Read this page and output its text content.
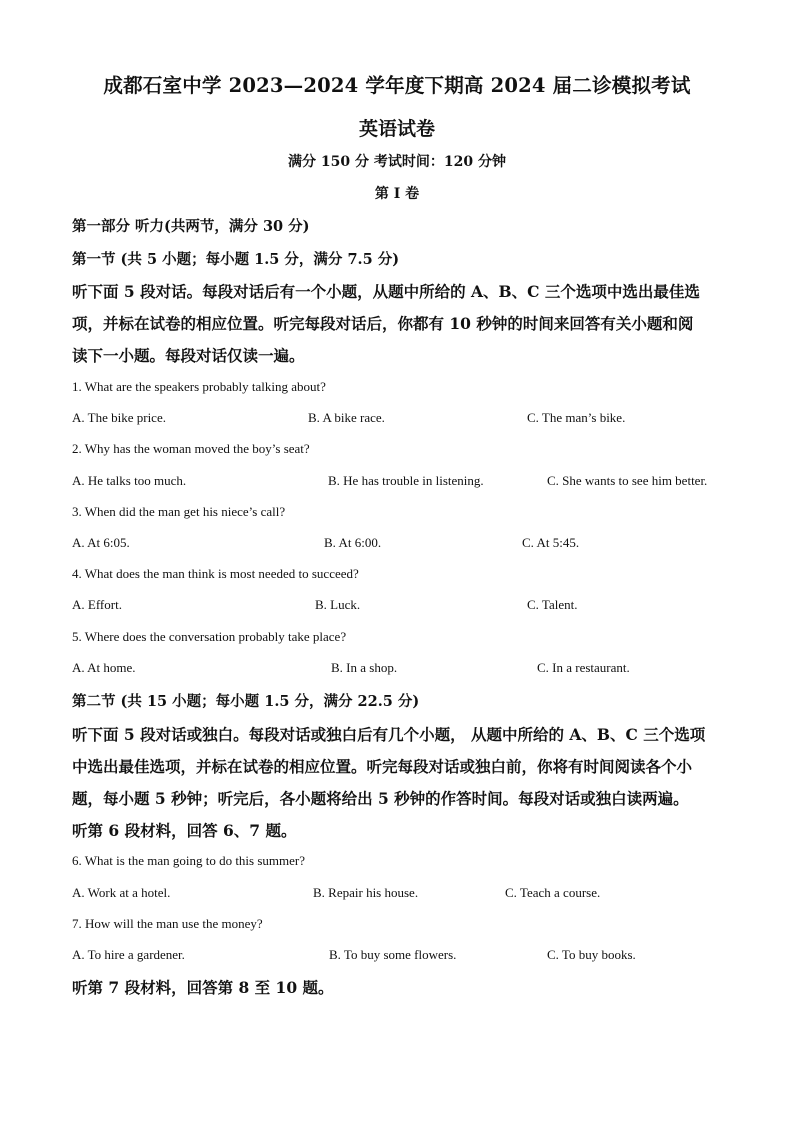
成都石室中学 2023—2024 学年度下期高 2024 届二诊模拟考试
英语试卷
满分 150 分 考试时间：120 分钟
第 I 卷
第一部分 听力(共两节，满分 30 分)
第一节 (共 5 小题；每小题 1.5 分，满分 7.5 分)
听下面 5 段对话。每段对话后有一个小题，从题中所给的 A、B、C 三个选项中选出最佳选
项，并标在试卷的相应位置。听完每段对话后，你都有 10 秒钟的时间来回答有关小题和阅
读下一小题。每段对话仅读一遍。
1. What are the speakers probably talking about?
A. The bike price.	B. A bike race.	C. The man’s bike.
2. Why has the woman moved the boy’s seat?
A. He talks too much.	B. He has trouble in listening.	C. She wants to see him better.
3. When did the man get his niece’s call?
A. At 6:05.	B. At 6:00.	C. At 5:45.
4. What does the man think is most needed to succeed?
A. Effort.	B. Luck.	C. Talent.
5. Where does the conversation probably take place?
A. At home.	B. In a shop.	C. In a restaurant.
第二节 (共 15 小题；每小题 1.5 分，满分 22.5 分)
听下面 5 段对话或独白。每段对话或独白后有几个小题， 从题中所给的 A、B、C 三个选项
中选出最佳选项，并标在试卷的相应位置。听完每段对话或独白前，你将有时间阅读各个小
题，每小题 5 秒钟；听完后，各小题将给出 5 秒钟的作答时间。每段对话或独白读两遍。
听第 6 段材料，回答 6、7 题。
6. What is the man going to do this summer?
A. Work at a hotel.	B. Repair his house.	C. Teach a course.
7. How will the man use the money?
A. To hire a gardener.	B. To buy some flowers.	C. To buy books.
听第 7 段材料，回答第 8 至 10 题。
